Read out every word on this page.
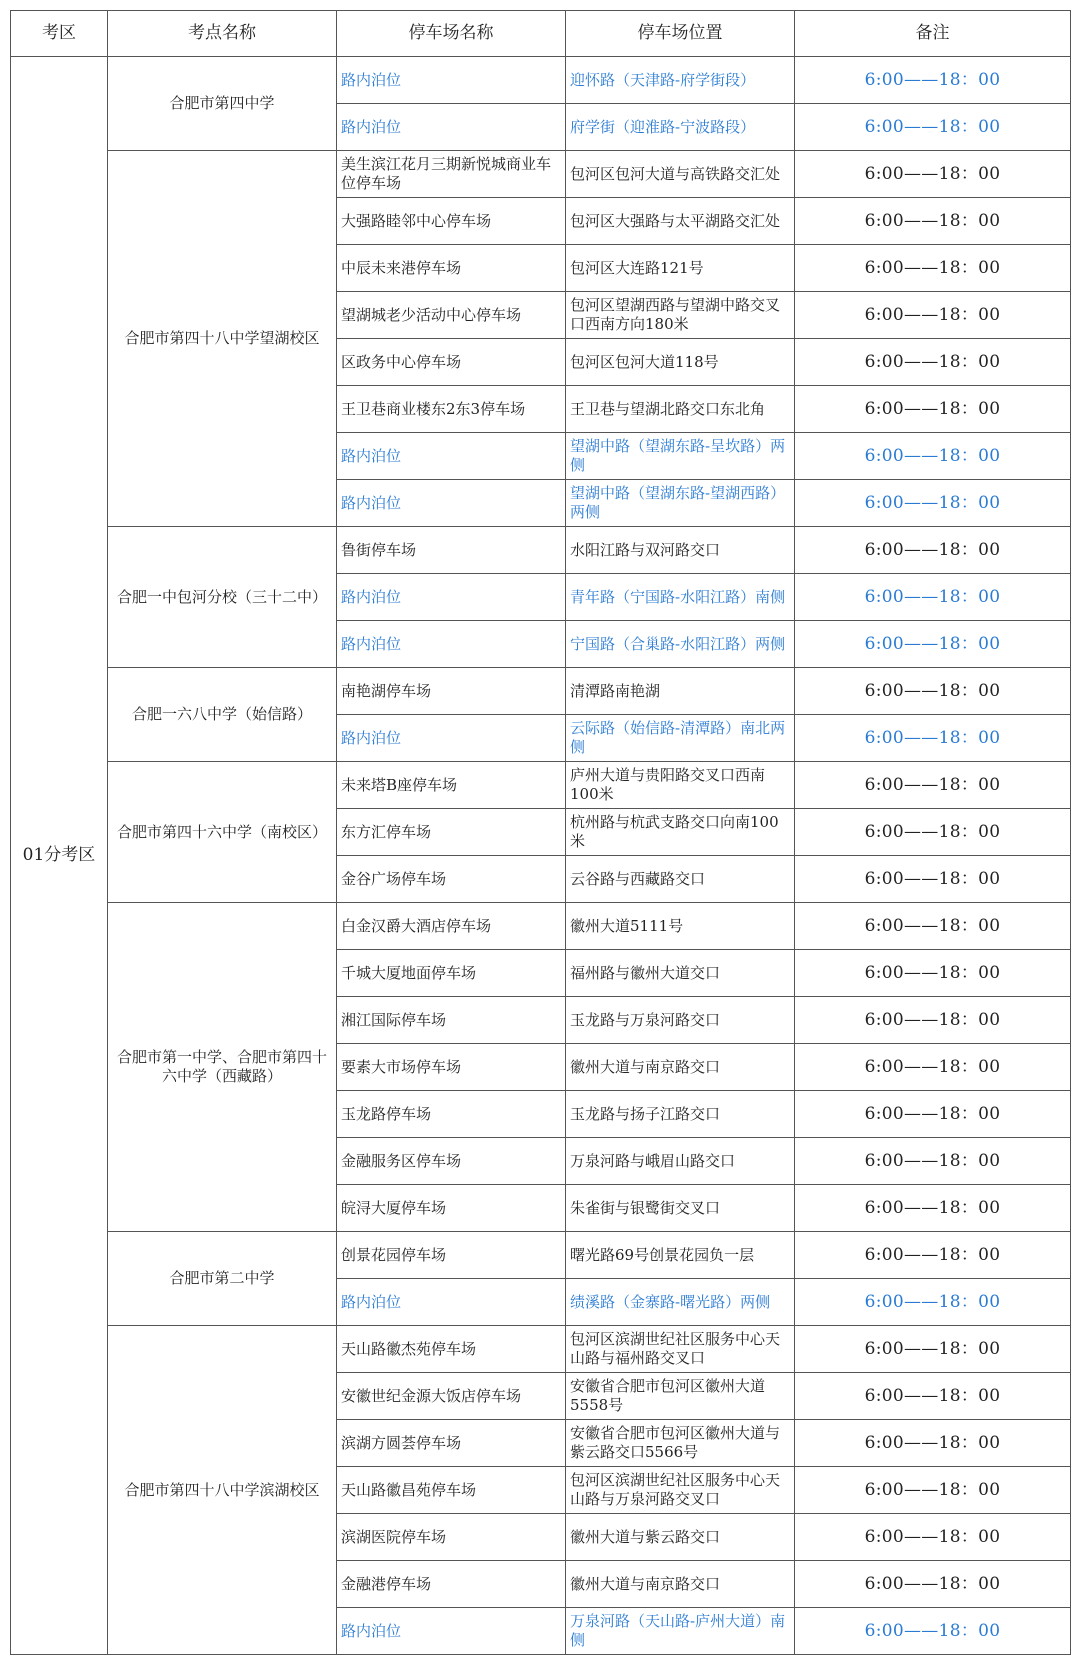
考区	考点名称	停车场名称	停车场位置	备注
01分考区	合肥市第四中学	路内泊位	迎怀路（天津路-府学街段）	6:00——18：00
		路内泊位	府学街（迎淮路-宁波路段）	6:00——18：00
	合肥市第四十八中学望湖校区	美生滨江花月三期新悦城商业车位停车场	包河区包河大道与高铁路交汇处	6:00——18：00
		大强路睦邻中心停车场	包河区大强路与太平湖路交汇处	6:00——18：00
		中辰未来港停车场	包河区大连路121号	6:00——18：00
		望湖城老少活动中心停车场	包河区望湖西路与望湖中路交叉口西南方向180米	6:00——18：00
		区政务中心停车场	包河区包河大道118号	6:00——18：00
		王卫巷商业楼东2东3停车场	王卫巷与望湖北路交口东北角	6:00——18：00
		路内泊位	望湖中路（望湖东路-呈坎路）两侧	6:00——18：00
		路内泊位	望湖中路（望湖东路-望湖西路）两侧	6:00——18：00
	合肥一中包河分校（三十二中）	鲁街停车场	水阳江路与双河路交口	6:00——18：00
		路内泊位	青年路（宁国路-水阳江路）南侧	6:00——18：00
		路内泊位	宁国路（合巢路-水阳江路）两侧	6:00——18：00
	合肥一六八中学（始信路）	南艳湖停车场	清潭路南艳湖	6:00——18：00
		路内泊位	云际路（始信路-清潭路）南北两侧	6:00——18：00
	合肥市第四十六中学（南校区）	未来塔B座停车场	庐州大道与贵阳路交叉口西南100米	6:00——18：00
		东方汇停车场	杭州路与杭武支路交口向南100米	6:00——18：00
		金谷广场停车场	云谷路与西藏路交口	6:00——18：00
	合肥市第一中学、合肥市第四十六中学（西藏路）	白金汉爵大酒店停车场	徽州大道5111号	6:00——18：00
		千城大厦地面停车场	福州路与徽州大道交口	6:00——18：00
		湘江国际停车场	玉龙路与万泉河路交口	6:00——18：00
		要素大市场停车场	徽州大道与南京路交口	6:00——18：00
		玉龙路停车场	玉龙路与扬子江路交口	6:00——18：00
		金融服务区停车场	万泉河路与峨眉山路交口	6:00——18：00
		皖浔大厦停车场	朱雀街与银鹭街交叉口	6:00——18：00
	合肥市第二中学	创景花园停车场	曙光路69号创景花园负一层	6:00——18：00
		路内泊位	绩溪路（金寨路-曙光路）两侧	6:00——18：00
	合肥市第四十八中学滨湖校区	天山路徽杰苑停车场	包河区滨湖世纪社区服务中心天山路与福州路交叉口	6:00——18：00
		安徽世纪金源大饭店停车场	安徽省合肥市包河区徽州大道5558号	6:00——18：00
		滨湖方圆荟停车场	安徽省合肥市包河区徽州大道与紫云路交口5566号	6:00——18：00
		天山路徽昌苑停车场	包河区滨湖世纪社区服务中心天山路与万泉河路交叉口	6:00——18：00
		滨湖医院停车场	徽州大道与紫云路交口	6:00——18：00
		金融港停车场	徽州大道与南京路交口	6:00——18：00
		路内泊位	万泉河路（天山路-庐州大道）南侧	6:00——18：00
